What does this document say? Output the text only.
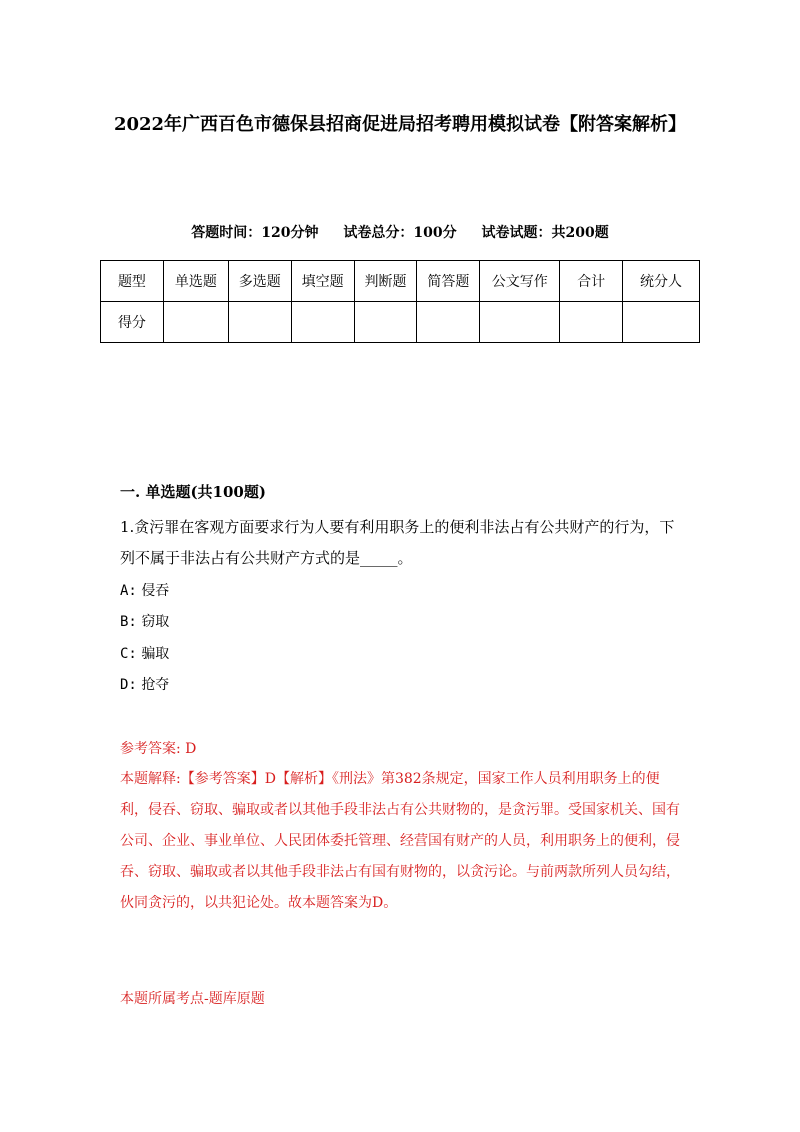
2022年广西百色市德保县招商促进局招考聘用模拟试卷【附答案解析】
答题时间：120分钟 试卷总分：100分 试卷试题：共200题
题型	单选题	多选题	填空题	判断题	简答题	公文写作	合计	统分人
得分								
一. 单选题(共100题)
1.贪污罪在客观方面要求行为人要有利用职务上的便利非法占有公共财产的行为，下列不属于非法占有公共财产方式的是_____。
A: 侵吞
B: 窃取
C: 骗取
D: 抢夺
参考答案: D
本题解释:【参考答案】D【解析】《刑法》第382条规定，国家工作人员利用职务上的便利，侵吞、窃取、骗取或者以其他手段非法占有公共财物的，是贪污罪。受国家机关、国有公司、企业、事业单位、人民团体委托管理、经营国有财产的人员，利用职务上的便利，侵吞、窃取、骗取或者以其他手段非法占有国有财物的，以贪污论。与前两款所列人员勾结，伙同贪污的，以共犯论处。故本题答案为D。
本题所属考点-题库原题
